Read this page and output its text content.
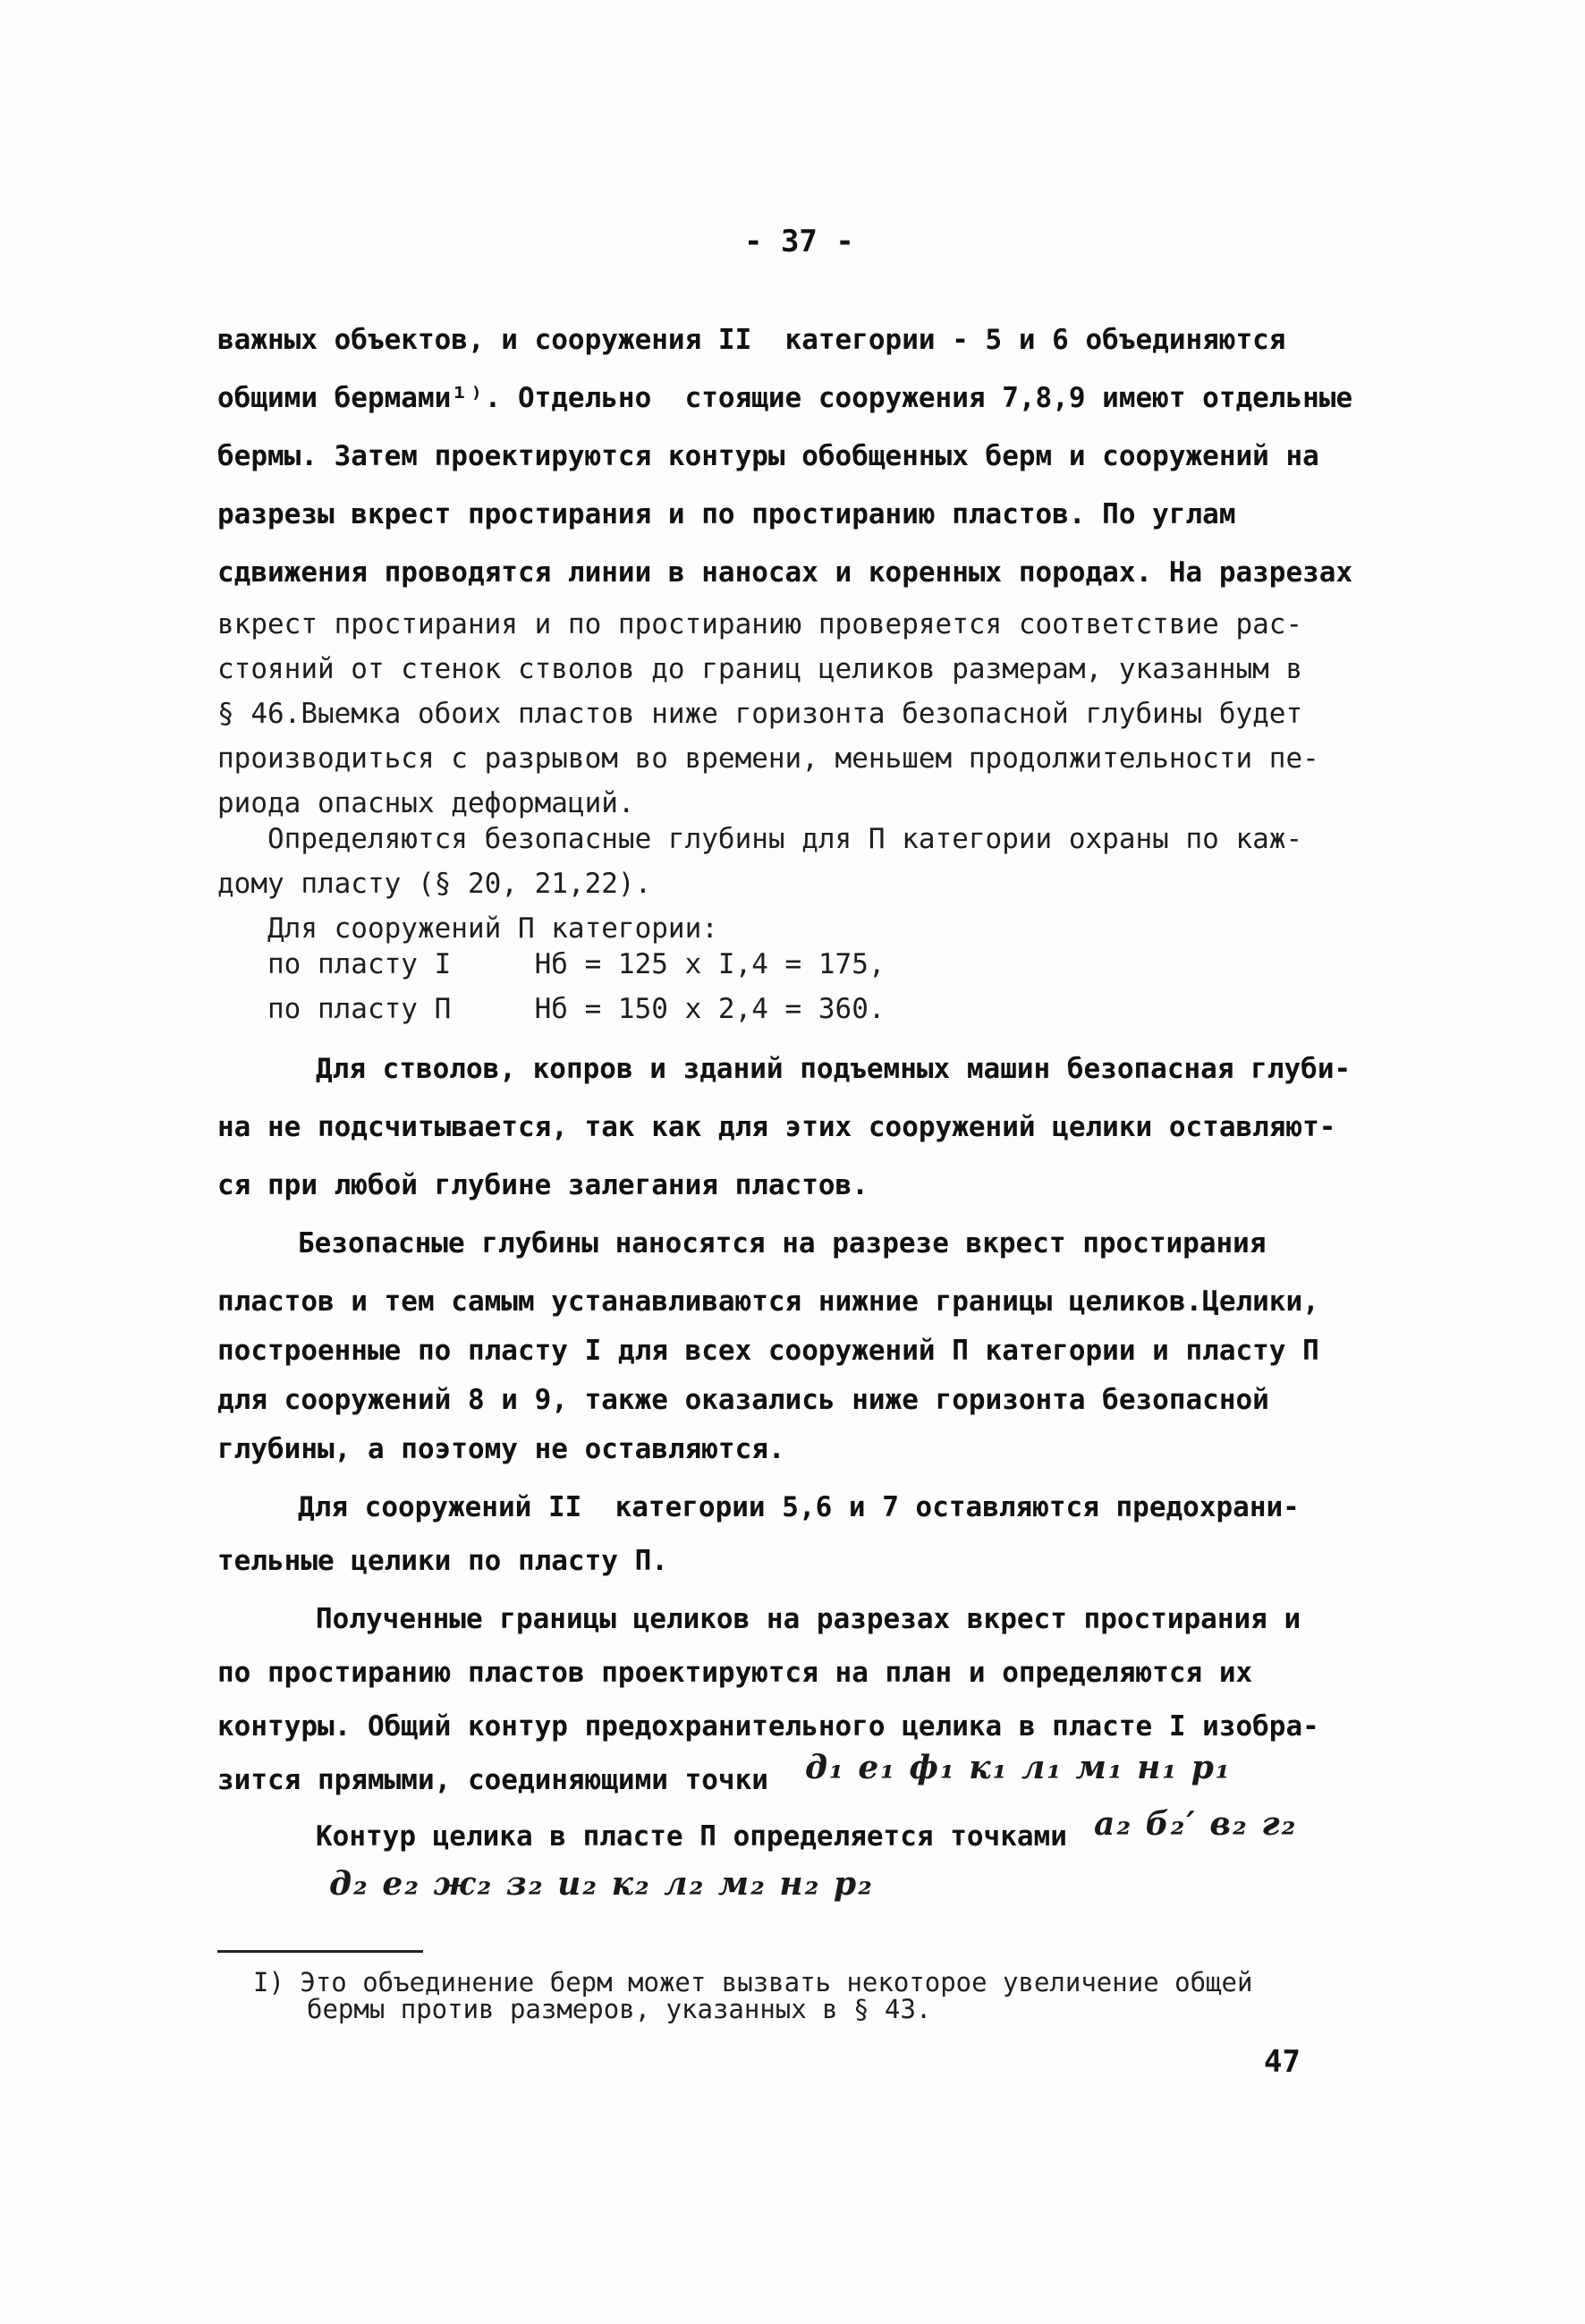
- 37 -
важных объектов, и сооружения II  категории - 5 и 6 объединяются
общими бермами¹⁾. Отдельно  стоящие сооружения 7,8,9 имеют отдельные
бермы. Затем проектируются контуры обобщенных берм и сооружений на
разрезы вкрест простирания и по простиранию пластов. По углам
сдвижения проводятся линии в наносах и коренных породах. На разрезах
вкрест простирания и по простиранию проверяется соответствие рас-
стояний от стенок стволов до границ целиков размерам, указанным в
§ 46.Выемка обоих пластов ниже горизонта безопасной глубины будет
производиться с разрывом во времени, меньшем продолжительности пе-
риода опасных деформаций.
Определяются безопасные глубины для П категории охраны по каж-
дому пласту (§ 20, 21,22).
Для сооружений П категории:
по пласту I     Нб = 125 х I,4 = 175,
по пласту П     Нб = 150 х 2,4 = 360.
Для стволов, копров и зданий подъемных машин безопасная глуби-
на не подсчитывается, так как для этих сооружений целики оставляют-
ся при любой глубине залегания пластов.
Безопасные глубины наносятся на разрезе вкрест простирания
пластов и тем самым устанавливаются нижние границы целиков.Целики,
построенные по пласту I для всех сооружений П категории и пласту П
для сооружений 8 и 9, также оказались ниже горизонта безопасной
глубины, а поэтому не оставляются.
Для сооружений II  категории 5,6 и 7 оставляются предохрани-
тельные целики по пласту П.
Полученные границы целиков на разрезах вкрест простирания и
по простиранию пластов проектируются на план и определяются их
контуры. Общий контур предохранительного целика в пласте I изобра-
зится прямыми, соединяющими точки д₁ е₁ ф₁ к₁ л₁ м₁ н₁ р₁
Контур целика в пласте П определяется точками а₂ б₂′ в₂ г₂
д₂ е₂ ж₂ з₂ и₂ к₂ л₂ м₂ н₂ р₂
I) Это объединение берм может вызвать некоторое увеличение общей
бермы против размеров, указанных в § 43.
47
